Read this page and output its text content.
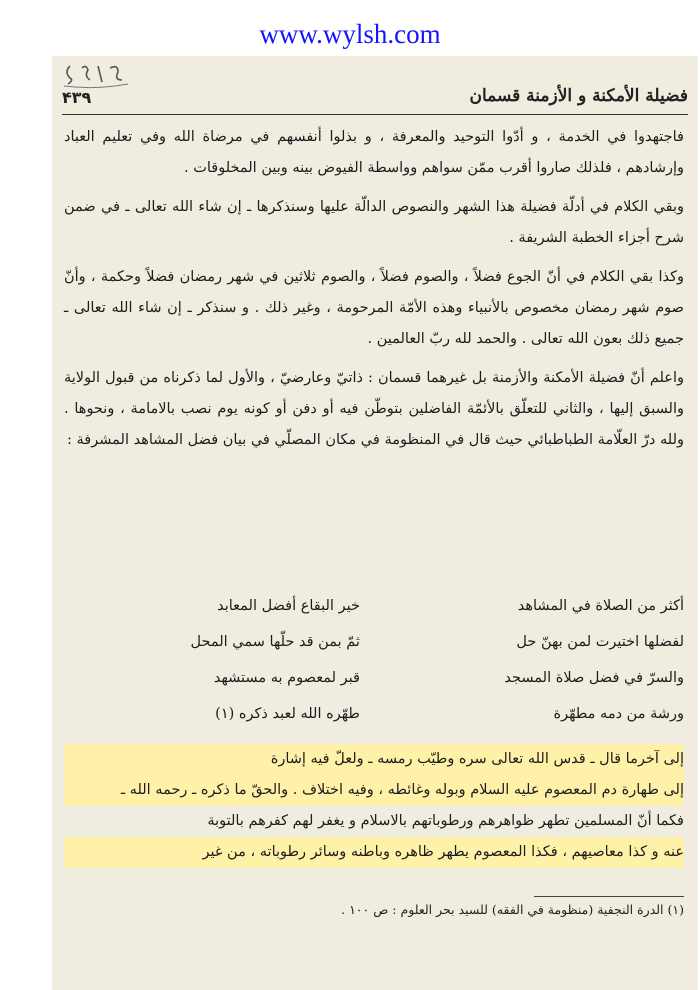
www.wylsh.com
۴۳۹	فضيلة الأمكنة و الأزمنة قسمان

فاجتهدوا في الخدمة ، و أدّوا التوحيد والمعرفة ، و بذلوا أنفسهم في مرضاة الله وفي تعليم العباد وإرشادهم ، فلذلك صاروا أقرب ممّن سواهم وواسطة الفيوض بينه وبين المخلوقات .

وبقي الكلام في أدلّة فضيلة هذا الشهر والنصوص الدالّة عليها وسنذكرها ـ إن شاء الله تعالى ـ في ضمن شرح أجزاء الخطبة الشريفة .

وكذا بقي الكلام في أنّ الجوع فضلاً ، والصوم فضلاً ، والصوم ثلاثين في شهر رمضان فضلاً وحكمة ، وأنّ صوم شهر رمضان مخصوص بالأنبياء وهذه الأمّة المرحومة ، وغير ذلك . و سنذكر ـ إن شاء الله تعالى ـ جميع ذلك بعون الله تعالى . والحمد لله ربّ العالمين .

واعلم أنّ فضيلة الأمكنة والأزمنة بل غيرهما قسمان : ذاتيّ وعارضيّ ، والأول لما ذكرناه من قبول الولاية والسبق إليها ، والثاني للتعلّق بالأئمّة الفاضلين بتوطّن فيه أو دفن أو كونه يوم نصب بالامامة ، ونحوها . ولله درّ العلّامة الطباطبائي حيث قال في المنظومة في مكان المصلّي في بيان فضل المشاهد المشرفة :

أكثر من الصلاة في المشاهد
خير البقاع أفضل المعابد
لفضلها اختيرت لمن بهنّ حل
ثمّ بمن قد حلّها سمي المحل
والسرّ في فضل صلاة المسجد
قبر لمعصوم به مستشهد
ورشة من دمه مطهّرة
طهّره الله لعبد ذكره (١)
إلى آخرما قال ـ قدس الله تعالى سره وطيّب رمسه ـ ولعلّ فيه إشارة
إلى طهارة دم المعصوم عليه السلام وبوله وغائطه ، وفيه اختلاف . والحقّ ما ذكره ـ رحمه الله ـ
فكما أنّ المسلمين تطهر ظواهرهم ورطوباتهم بالاسلام و يغفر لهم كفرهم بالتوبة
عنه و كذا معاصيهم ، فكذا المعصوم يطهر ظاهره وباطنه وسائر رطوباته ، من غير
(١) الدرة النجفية (منظومة في الفقه) للسيد بحر العلوم : ص ١٠٠ .
